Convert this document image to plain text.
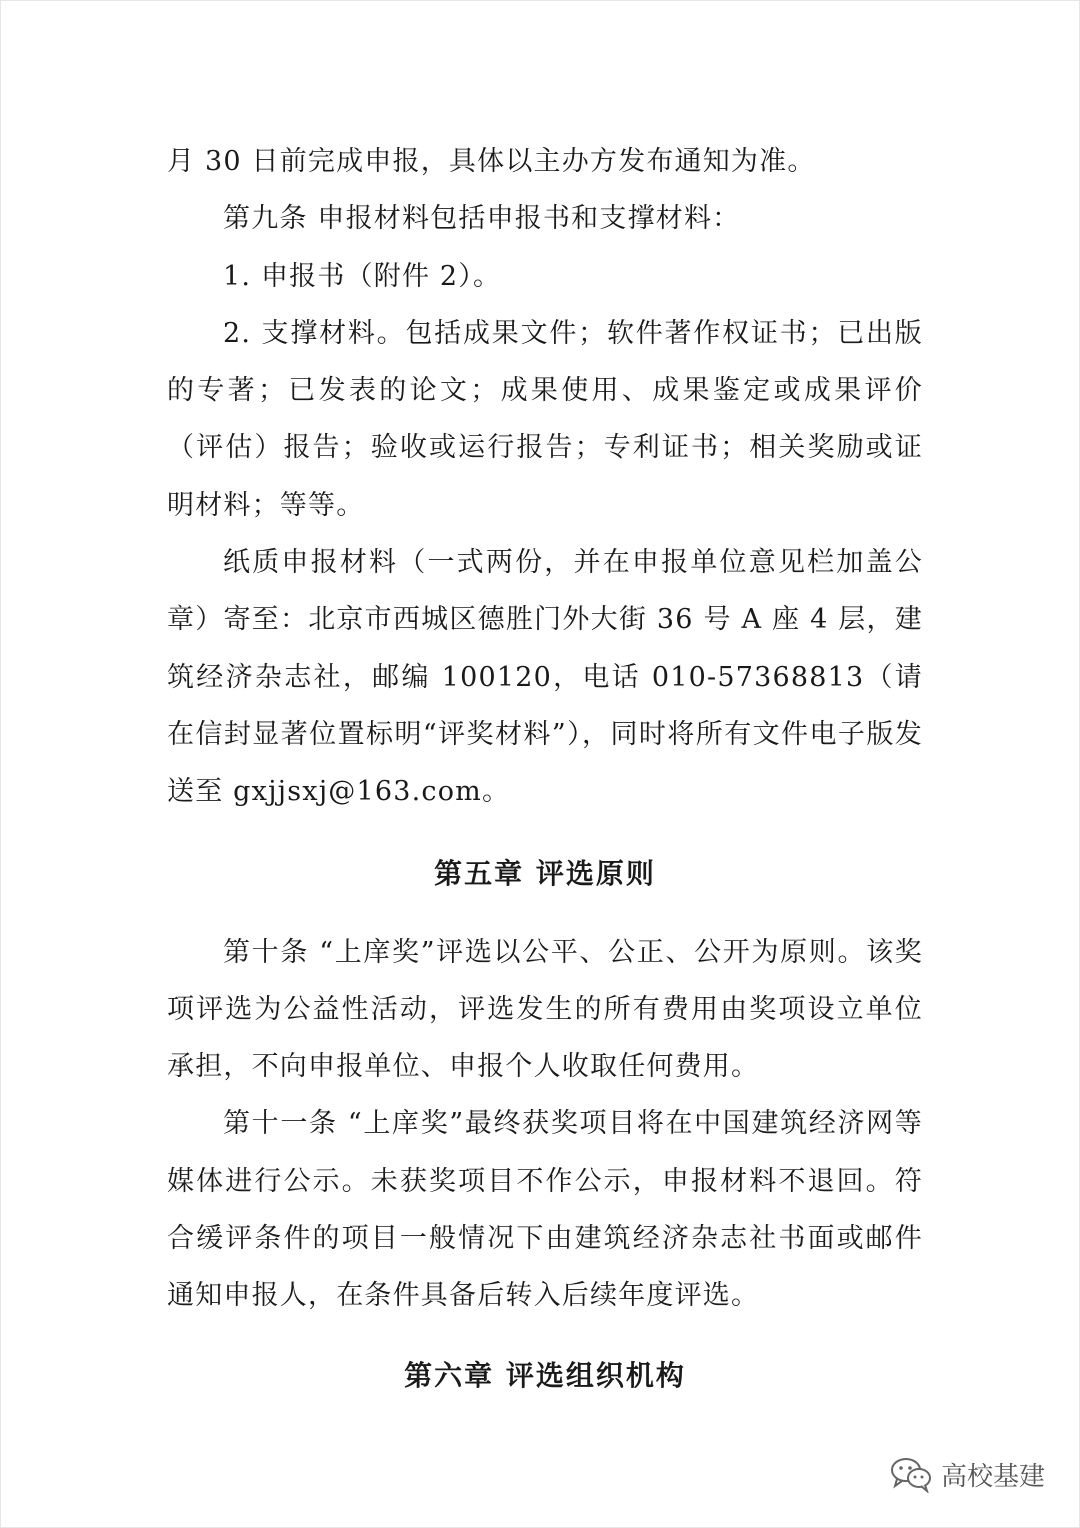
月 30 日前完成申报，具体以主办方发布通知为准。

第九条 申报材料包括申报书和支撑材料：

1. 申报书（附件 2）。

2. 支撑材料。包括成果文件；软件著作权证书；已出版的专著；已发表的论文；成果使用、成果鉴定或成果评价（评估）报告；验收或运行报告；专利证书；相关奖励或证明材料；等等。

纸质申报材料（一式两份，并在申报单位意见栏加盖公章）寄至：北京市西城区德胜门外大街 36 号 A 座 4 层，建筑经济杂志社，邮编 100120，电话 010-57368813（请在信封显著位置标明“评奖材料”），同时将所有文件电子版发送至 gxjjsxj@163.com。

第五章 评选原则

第十条 “上庠奖”评选以公平、公正、公开为原则。该奖项评选为公益性活动，评选发生的所有费用由奖项设立单位承担，不向申报单位、申报个人收取任何费用。

第十一条 “上庠奖”最终获奖项目将在中国建筑经济网等媒体进行公示。未获奖项目不作公示，申报材料不退回。符合缓评条件的项目一般情况下由建筑经济杂志社书面或邮件通知申报人，在条件具备后转入后续年度评选。

第六章 评选组织机构

高校基建
